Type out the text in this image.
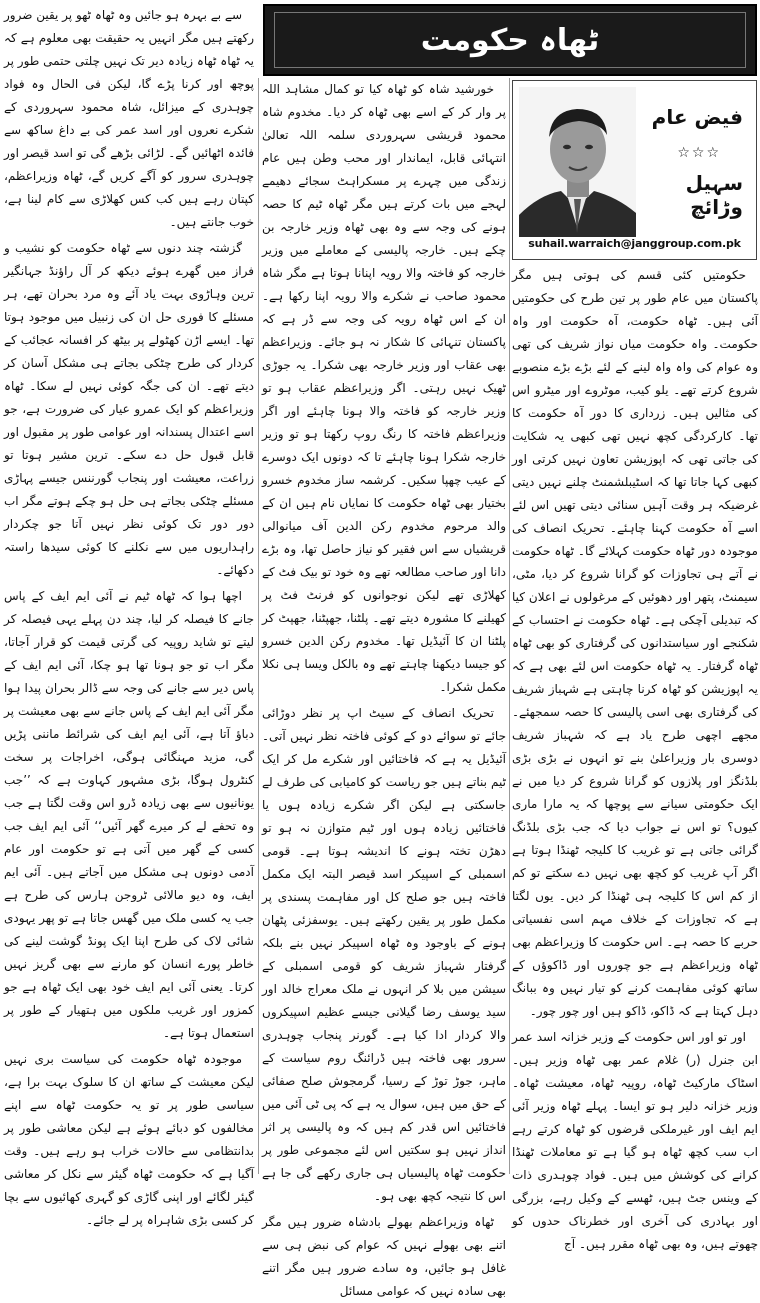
ٹھاہ حکومت
فیض عام
☆☆☆
سہیل وڑائچ
suhail.warraich@janggroup.com.pk

حکومتیں کئی قسم کی ہوتی ہیں مگر پاکستان میں عام طور پر تین طرح کی حکومتیں آئی ہیں۔ ٹھاہ حکومت، آہ حکومت اور واہ حکومت۔ واہ حکومت میاں نواز شریف کی تھی وہ عوام کی واہ واہ لینے کے لئے بڑے بڑے منصوبے شروع کرتے تھے۔ یلو کیب، موٹروے اور میٹرو اس کی مثالیں ہیں۔ زرداری کا دور آہ حکومت کا تھا۔ کارکردگی کچھ نہیں تھی کبھی یہ شکایت کی جاتی تھی کہ اپوزیشن تعاون نہیں کرتی اور کبھی کہا جاتا تھا کہ اسٹیبلشمنٹ چلنے نہیں دیتی غرضیکہ ہر وقت آہیں سنائی دیتی تھیں اس لئے اسے آہ حکومت کہنا چاہئے۔ تحریک انصاف کی موجودہ دور ٹھاہ حکومت کہلائے گا۔ ٹھاہ حکومت نے آتے ہی تجاوزات کو گرانا شروع کر دیا، مٹی، سیمنٹ، پتھر اور دھوئیں کے مرغولوں نے اعلان کیا کہ تبدیلی آچکی ہے۔ ٹھاہ حکومت نے احتساب کے شکنجے اور سیاستدانوں کی گرفتاری کو بھی ٹھاہ ٹھاہ گرفتار۔ یہ ٹھاہ حکومت اس لئے بھی ہے کہ یہ اپوزیشن کو ٹھاہ کرنا چاہتی ہے شہباز شریف کی گرفتاری بھی اسی پالیسی کا حصہ سمجھئے۔ مجھے اچھی طرح یاد ہے کہ شہباز شریف دوسری بار وزیراعلیٰ بنے تو انہوں نے بڑی بڑی بلڈنگز اور پلازوں کو گرانا شروع کر دیا میں نے ایک حکومتی سیانے سے پوچھا کہ یہ مارا ماری کیوں؟ تو اس نے جواب دیا کہ جب بڑی بلڈنگ گرائی جاتی ہے تو غریب کا کلیجہ ٹھنڈا ہوتا ہے اگر آپ غریب کو کچھ بھی نہیں دے سکتے تو کم از کم اس کا کلیجہ ہی ٹھنڈا کر دیں۔ یوں لگتا ہے کہ تجاوزات کے خلاف مہم اسی نفسیاتی حربے کا حصہ ہے۔ اس حکومت کا وزیراعظم بھی ٹھاہ وزیراعظم ہے جو چوروں اور ڈاکوؤں کے ساتھ کوئی مفاہمت کرنے کو تیار نہیں وہ ببانگ دہل کہتا ہے کہ ڈاکو، ڈاکو ہیں اور چور چور۔

اور تو اور اس حکومت کے وزیر خزانہ اسد عمر ابن جنرل (ر) غلام عمر بھی ٹھاہ وزیر ہیں۔ اسٹاک مارکیٹ ٹھاہ، روپیہ ٹھاہ، معیشت ٹھاہ۔ وزیر خزانہ دلیر ہو تو ایسا۔ پہلے ٹھاہ وزیر آئی ایم ایف اور غیرملکی قرضوں کو ٹھاہ کرتے رہے اب سب کچھ ٹھاہ ہو گیا ہے تو معاملات ٹھنڈا کرانے کی کوشش میں ہیں۔ فواد چوہدری ذات کے وینس جٹ ہیں، ٹھسے کے وکیل رہے، بزرگی اور بہادری کی آخری اور خطرناک حدوں کو چھوتے ہیں، وہ بھی ٹھاہ مقرر ہیں۔ آج

خورشید شاہ کو ٹھاہ کیا تو کمال مشاہد اللہ پر وار کر کے اسے بھی ٹھاہ کر دیا۔ مخدوم شاہ محمود قریشی سہروردی سلمہ اللہ تعالیٰ انتہائی قابل، ایماندار اور محب وطن ہیں عام زندگی میں چہرے پر مسکراہٹ سجائے دھیمے لہجے میں بات کرتے ہیں مگر ٹھاہ ٹیم کا حصہ ہونے کی وجہ سے وہ بھی ٹھاہ وزیر خارجہ بن چکے ہیں۔ خارجہ پالیسی کے معاملے میں وزیر خارجہ کو فاختہ والا رویہ اپنانا ہوتا ہے مگر شاہ محمود صاحب نے شکرے والا رویہ اپنا رکھا ہے۔ ان کے اس ٹھاہ رویہ کی وجہ سے ڈر ہے کہ پاکستان تنہائی کا شکار نہ ہو جائے۔ وزیراعظم بھی عقاب اور وزیر خارجہ بھی شکرا۔ یہ جوڑی ٹھیک نہیں رہتی۔ اگر وزیراعظم عقاب ہو تو وزیر خارجہ کو فاختہ والا ہونا چاہئے اور اگر وزیراعظم فاختہ کا رنگ روپ رکھتا ہو تو وزیر خارجہ شکرا ہونا چاہئے تا کہ دونوں ایک دوسرے کے عیب چھپا سکیں۔ کرشمہ ساز مخدوم خسرو بختیار بھی ٹھاہ حکومت کا نمایاں نام ہیں ان کے والد مرحوم مخدوم رکن الدین آف میانوالی قریشیاں سے اس فقیر کو نیاز حاصل تھا، وہ بڑے دانا اور صاحب مطالعہ تھے وہ خود تو بیک فٹ کے کھلاڑی تھے لیکن نوجوانوں کو فرنٹ فٹ پر کھیلنے کا مشورہ دیتے تھے۔ پلٹنا، جھپٹنا، جھپٹ کر پلٹنا ان کا آئیڈیل تھا۔ مخدوم رکن الدین خسرو کو جیسا دیکھنا چاہتے تھے وہ بالکل ویسا ہی نکلا مکمل شکرا۔

تحریک انصاف کے سیٹ اپ پر نظر دوڑائی جائے تو سوائے دو کے کوئی فاختہ نظر نہیں آتی۔ آئیڈیل یہ ہے کہ فاختائیں اور شکرے مل کر ایک ٹیم بناتے ہیں جو ریاست کو کامیابی کی طرف لے جاسکتی ہے لیکن اگر شکرے زیادہ ہوں یا فاختائیں زیادہ ہوں اور ٹیم متوازن نہ ہو تو دھڑن تختہ ہونے کا اندیشہ ہوتا ہے۔ قومی اسمبلی کے اسپیکر اسد قیصر البتہ ایک مکمل فاختہ ہیں جو صلح کل اور مفاہمت پسندی پر مکمل طور پر یقین رکھتے ہیں۔ یوسفزئی پٹھان ہونے کے باوجود وہ ٹھاہ اسپیکر نہیں بنے بلکہ گرفتار شہباز شریف کو قومی اسمبلی کے سیشن میں بلا کر انہوں نے ملک معراج خالد اور سید یوسف رضا گیلانی جیسے عظیم اسپیکروں والا کردار ادا کیا ہے۔ گورنر پنجاب چوہدری سرور بھی فاختہ ہیں ڈرائنگ روم سیاست کے ماہر، جوڑ توڑ کے رسیا، گرمجوش صلح صفائی کے حق میں ہیں، سوال یہ ہے کہ پی ٹی آئی میں فاختائیں اس قدر کم ہیں کہ وہ پالیسی پر اثر انداز نہیں ہو سکتیں اس لئے مجموعی طور پر حکومت ٹھاہ پالیسیاں ہی جاری رکھے گی جا ہے اس کا نتیجہ کچھ بھی ہو۔

ٹھاہ وزیراعظم بھولے بادشاہ ضرور ہیں مگر اتنے بھی بھولے نہیں کہ عوام کی نبض ہی سے غافل ہو جائیں، وہ سادے ضرور ہیں مگر اتنے بھی سادہ نہیں کہ عوامی مسائل

سے بے بہرہ ہو جائیں وہ ٹھاہ ٹھو پر یقین ضرور رکھتے ہیں مگر انہیں یہ حقیقت بھی معلوم ہے کہ یہ ٹھاہ ٹھاہ زیادہ دیر تک نہیں چلتی حتمی طور پر پوچھ اور کرنا پڑے گا، لیکن فی الحال وہ فواد چوہدری کے میزائل، شاہ محمود سہروردی کے شکرے نعروں اور اسد عمر کی بے داغ ساکھ سے فائدہ اٹھائیں گے۔ لڑائی بڑھے گی تو اسد قیصر اور چوہدری سرور کو آگے کریں گے، ٹھاہ وزیراعظم، کپتان رہے ہیں کب کس کھلاڑی سے کام لینا ہے، خوب جانتے ہیں۔

گزشتہ چند دنوں سے ٹھاہ حکومت کو نشیب و فراز میں گھرے ہوئے دیکھ کر آل راؤنڈ جہانگیر ترین وہاڑوی بہت یاد آئے وہ مرد بحران تھے، ہر مسئلے کا فوری حل ان کی زنبیل میں موجود ہوتا تھا۔ ایسے اڑن کھٹولے پر بیٹھ کر افسانہ عجائب کے کردار کی طرح چٹکی بجاتے ہی مشکل آسان کر دیتے تھے۔ ان کی جگہ کوئی نہیں لے سکا۔ ٹھاہ وزیراعظم کو ایک عمرو عیار کی ضرورت ہے، جو اسے اعتدال پسندانہ اور عوامی طور پر مقبول اور قابل قبول حل دے سکے۔ ترین مشیر ہوتا تو زراعت، معیشت اور پنجاب گورننس جیسے پہاڑی مسئلے چٹکی بجاتے ہی حل ہو چکے ہوتے مگر اب دور دور تک کوئی نظر نہیں آتا جو چکردار راہداریوں میں سے نکلنے کا کوئی سیدھا راستہ دکھائے۔

اچھا ہوا کہ ٹھاہ ٹیم نے آئی ایم ایف کے پاس جانے کا فیصلہ کر لیا، چند دن پہلے یہی فیصلہ کر لیتے تو شاید روپیہ کی گرتی قیمت کو قرار آجاتا، مگر اب تو جو ہونا تھا ہو چکا، آئی ایم ایف کے پاس دیر سے جانے کی وجہ سے ڈالر بحران پیدا ہوا مگر آئی ایم ایف کے پاس جانے سے بھی معیشت پر دباؤ آتا ہے، آئی ایم ایف کی شرائط ماننی پڑیں گی، مزید مہنگائی ہوگی، اخراجات پر سخت کنٹرول ہوگا، بڑی مشہور کہاوت ہے کہ ’’جب یونانیوں سے بھی زیادہ ڈرو اس وقت لگتا ہے جب وہ تحفے لے کر میرے گھر آئیں‘‘ آئی ایم ایف جب کسی کے گھر میں آتی ہے تو حکومت اور عام آدمی دونوں ہی مشکل میں آجاتے ہیں۔ آئی ایم ایف، وہ دیو مالائی ٹروجن ہارس کی طرح ہے جب یہ کسی ملک میں گھس جاتا ہے تو پھر یہودی شائی لاک کی طرح اپنا ایک پونڈ گوشت لینے کی خاطر پورے انسان کو مارنے سے بھی گریز نہیں کرتا۔ یعنی آئی ایم ایف خود بھی ایک ٹھاہ ہے جو کمزور اور غریب ملکوں میں ہتھیار کے طور پر استعمال ہوتا ہے۔

موجودہ ٹھاہ حکومت کی سیاست بری نہیں لیکن معیشت کے ساتھ ان کا سلوک بہت برا ہے، سیاسی طور پر تو یہ حکومت ٹھاہ سے اپنے مخالفوں کو دبائے ہوئے ہے لیکن معاشی طور پر بدانتظامی سے حالات خراب ہو رہے ہیں۔ وقت آگیا ہے کہ حکومت ٹھاہ گیئر سے نکل کر معاشی گیئر لگائے اور اپنی گاڑی کو گہری کھائیوں سے بچا کر کسی بڑی شاہراہ پر لے جائے۔
